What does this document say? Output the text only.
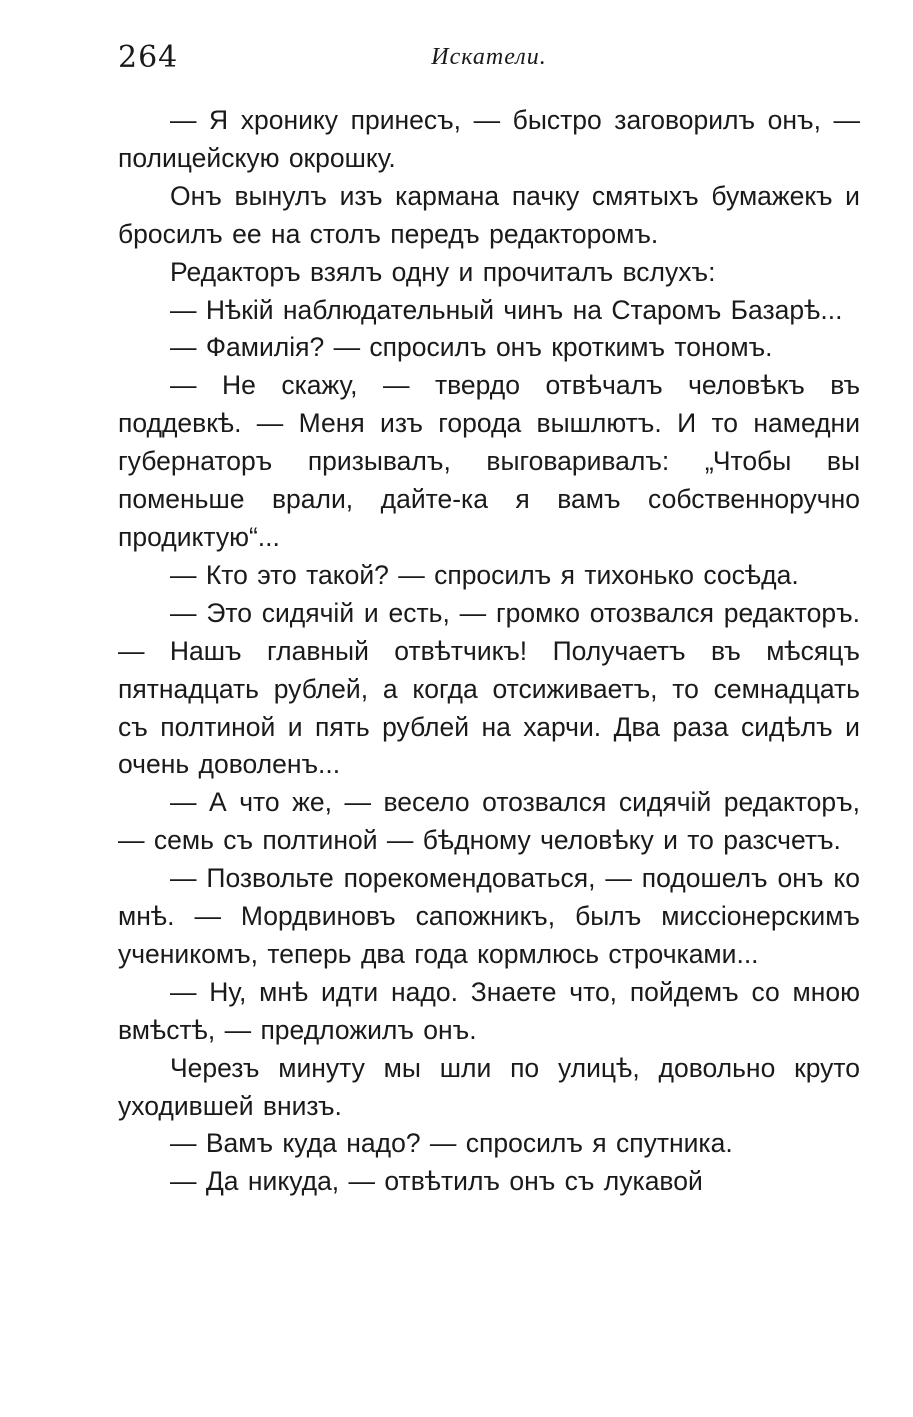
264	Искатели.

— Я хронику принесъ, — быстро заговорилъ онъ, — полицейскую окрошку.

Онъ вынулъ изъ кармана пачку смятыхъ бумажекъ и бросилъ ее на столъ передъ редакторомъ.

Редакторъ взялъ одну и прочиталъ вслухъ:

— Нѣкій наблюдательный чинъ на Старомъ Базарѣ...

— Фамилія? — спросилъ онъ кроткимъ тономъ.

— Не скажу, — твердо отвѣчалъ человѣкъ въ поддевкѣ. — Меня изъ города вышлютъ. И то намедни губернаторъ призывалъ, выговаривалъ: „Чтобы вы поменьше врали, дайте-ка я вамъ собственноручно продиктую“...

— Кто это такой? — спросилъ я тихонько сосѣда.

— Это сидячій и есть, — громко отозвался редакторъ. — Нашъ главный отвѣтчикъ! Получаетъ въ мѣсяцъ пятнадцать рублей, а когда отсиживаетъ, то семнадцать съ полтиной и пять рублей на харчи. Два раза сидѣлъ и очень доволенъ...

— А что же, — весело отозвался сидячій редакторъ, — семь съ полтиной — бѣдному человѣку и то разсчетъ.

— Позвольте порекомендоваться, — подошелъ онъ ко мнѣ. — Мордвиновъ сапожникъ, былъ миссіонерскимъ ученикомъ, теперь два года кормлюсь строчками...

— Ну, мнѣ идти надо. Знаете что, пойдемъ со мною вмѣстѣ, — предложилъ онъ.

Черезъ минуту мы шли по улицѣ, довольно круто уходившей внизъ.

— Вамъ куда надо? — спросилъ я спутника.

— Да никуда, — отвѣтилъ онъ съ лукавой
